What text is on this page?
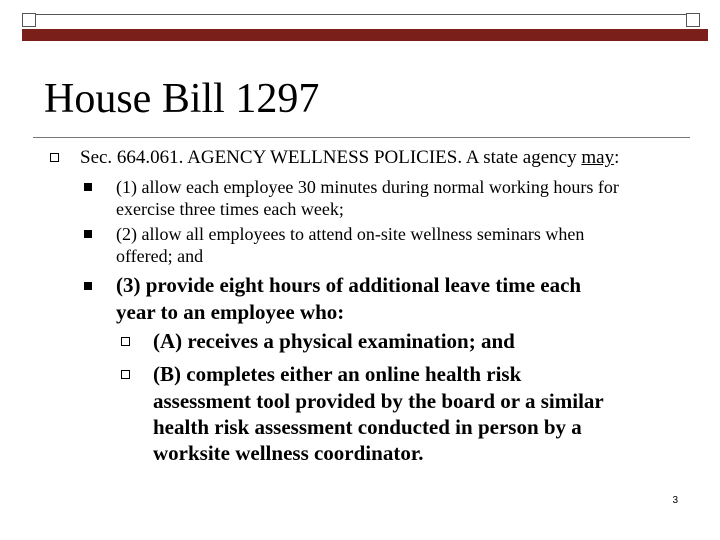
House Bill 1297
Sec. 664.061. AGENCY WELLNESS POLICIES. A state agency may:
(1) allow each employee 30 minutes during normal working hours for
exercise three times each week;
(2) allow all employees to attend on-site wellness seminars when
offered; and
(3) provide eight hours of additional leave time each
year to an employee who:
(A) receives a physical examination; and
(B) completes either an online health risk
assessment tool provided by the board or a similar
health risk assessment conducted in person by a
worksite wellness coordinator.
3
